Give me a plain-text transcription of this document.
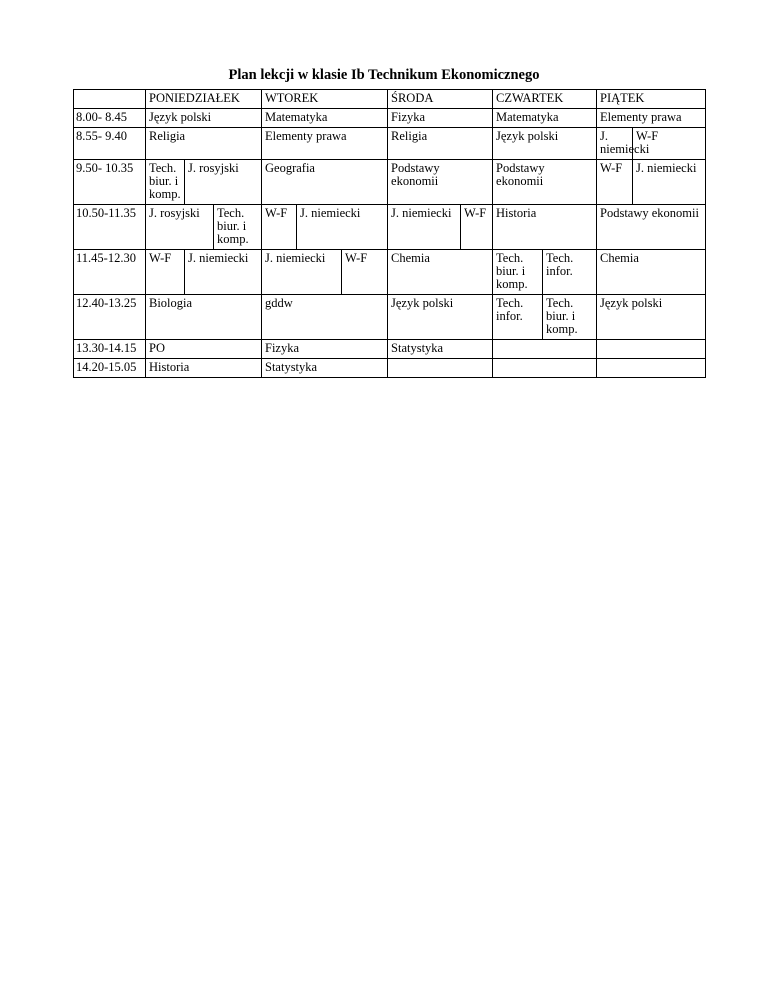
Plan lekcji w klasie Ib Technikum Ekonomicznego
	PONIEDZIAŁEK			WTOREK			ŚRODA		CZWARTEK		PIĄTEK	
8.00- 8.45	Język polski			Matematyka			Fizyka		Matematyka		Elementy prawa	
8.55- 9.40	Religia			Elementy prawa			Religia		Język polski		J. niemiecki	W-F
9.50- 10.35	Tech. biur. i komp.	J. rosyjski		Geografia			Podstawy ekonomii		Podstawy ekonomii		W-F	J. niemiecki
10.50-11.35	J. rosyjski		Tech. biur. i komp.	W-F	J. niemiecki		J. niemiecki	W-F	Historia		Podstawy ekonomii	
11.45-12.30	W-F	J. niemiecki		J. niemiecki		W-F	Chemia		Tech. biur. i komp.	Tech. infor.	Chemia	
12.40-13.25	Biologia			gddw			Język polski		Tech. infor.	Tech. biur. i komp.	Język polski	
13.30-14.15	PO			Fizyka			Statystyka					
14.20-15.05	Historia			Statystyka								
